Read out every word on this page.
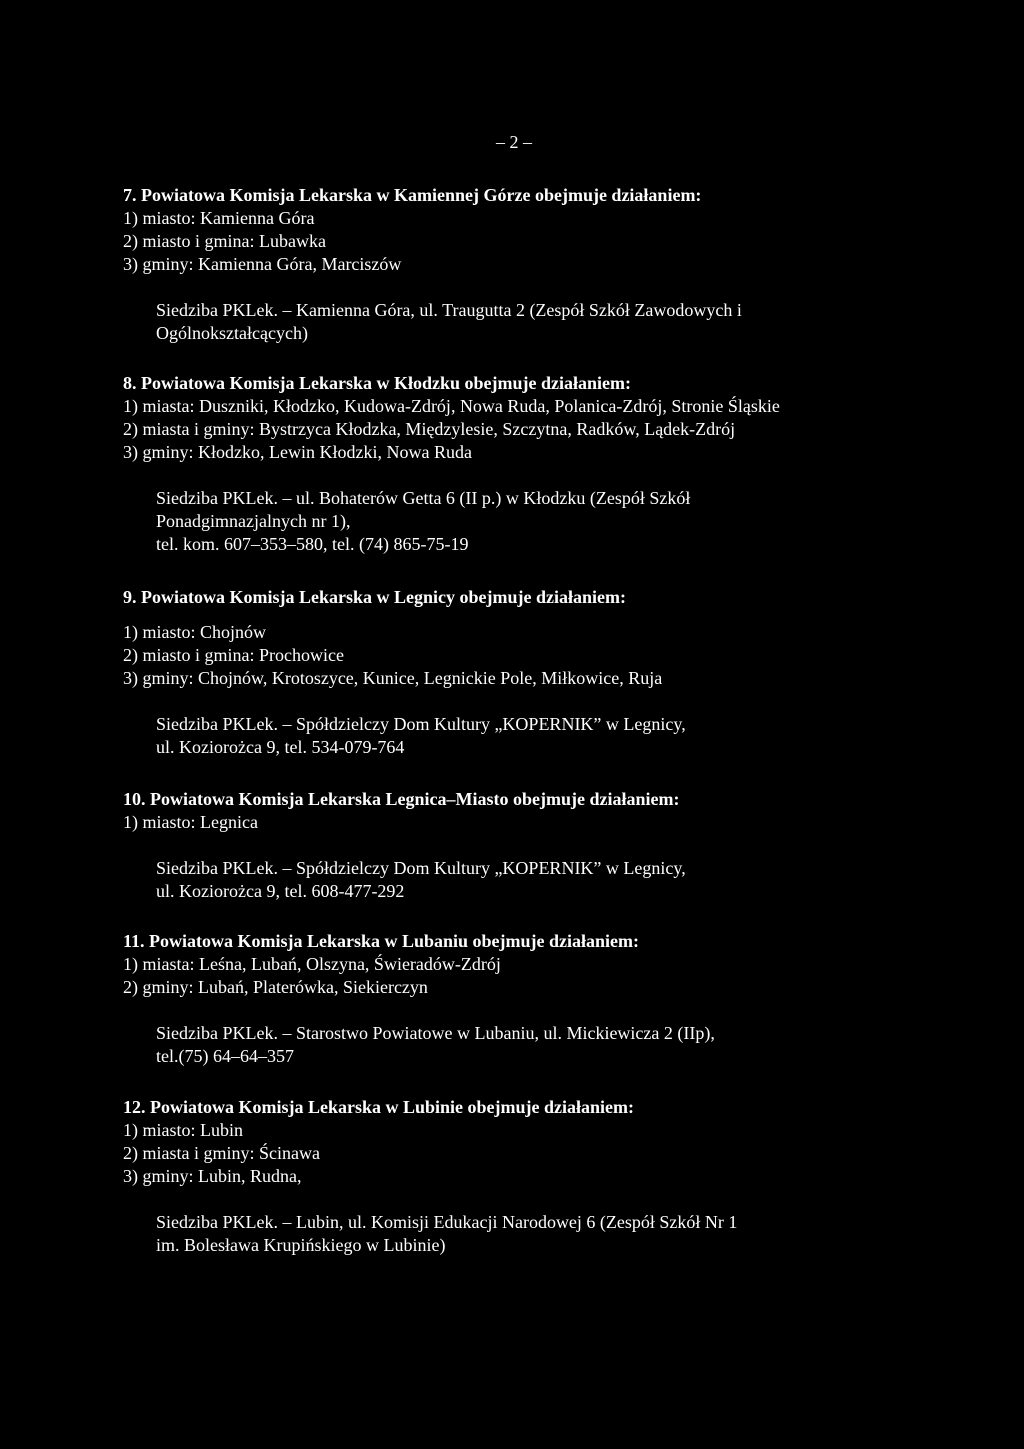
– 2 –
7. Powiatowa Komisja Lekarska w Kamiennej Górze obejmuje działaniem:
1) miasto: Kamienna Góra
2) miasto i gmina: Lubawka
3) gminy: Kamienna Góra, Marciszów
Siedziba PKLek. – Kamienna Góra, ul. Traugutta 2 (Zespół Szkół Zawodowych i
Ogólnokształcących)
8. Powiatowa Komisja Lekarska w Kłodzku obejmuje działaniem:
1) miasta: Duszniki, Kłodzko, Kudowa-Zdrój, Nowa Ruda, Polanica-Zdrój, Stronie Śląskie
2) miasta i gminy: Bystrzyca Kłodzka, Międzylesie, Szczytna, Radków, Lądek-Zdrój
3) gminy: Kłodzko, Lewin Kłodzki, Nowa Ruda
Siedziba PKLek. – ul. Bohaterów Getta 6 (II p.) w Kłodzku (Zespół Szkół
Ponadgimnazjalnych nr 1),
tel. kom. 607–353–580, tel. (74) 865-75-19
9. Powiatowa Komisja Lekarska w Legnicy obejmuje działaniem:
1) miasto: Chojnów
2) miasto i gmina: Prochowice
3) gminy: Chojnów, Krotoszyce, Kunice, Legnickie Pole, Miłkowice, Ruja
Siedziba PKLek. – Spółdzielczy Dom Kultury „KOPERNIK” w Legnicy,
ul. Koziorożca 9, tel. 534-079-764
10. Powiatowa Komisja Lekarska Legnica–Miasto obejmuje działaniem:
1) miasto: Legnica
Siedziba PKLek. – Spółdzielczy Dom Kultury „KOPERNIK” w Legnicy,
ul. Koziorożca 9, tel. 608-477-292
11. Powiatowa Komisja Lekarska w Lubaniu obejmuje działaniem:
1) miasta: Leśna, Lubań, Olszyna, Świeradów-Zdrój
2) gminy: Lubań, Platerówka, Siekierczyn
Siedziba PKLek. – Starostwo Powiatowe w Lubaniu, ul. Mickiewicza 2 (IIp),
tel.(75) 64–64–357
12. Powiatowa Komisja Lekarska w Lubinie obejmuje działaniem:
1) miasto: Lubin
2) miasta i gminy: Ścinawa
3) gminy: Lubin, Rudna,
Siedziba PKLek. – Lubin, ul. Komisji Edukacji Narodowej 6 (Zespół Szkół Nr 1
im. Bolesława Krupińskiego w Lubinie)
